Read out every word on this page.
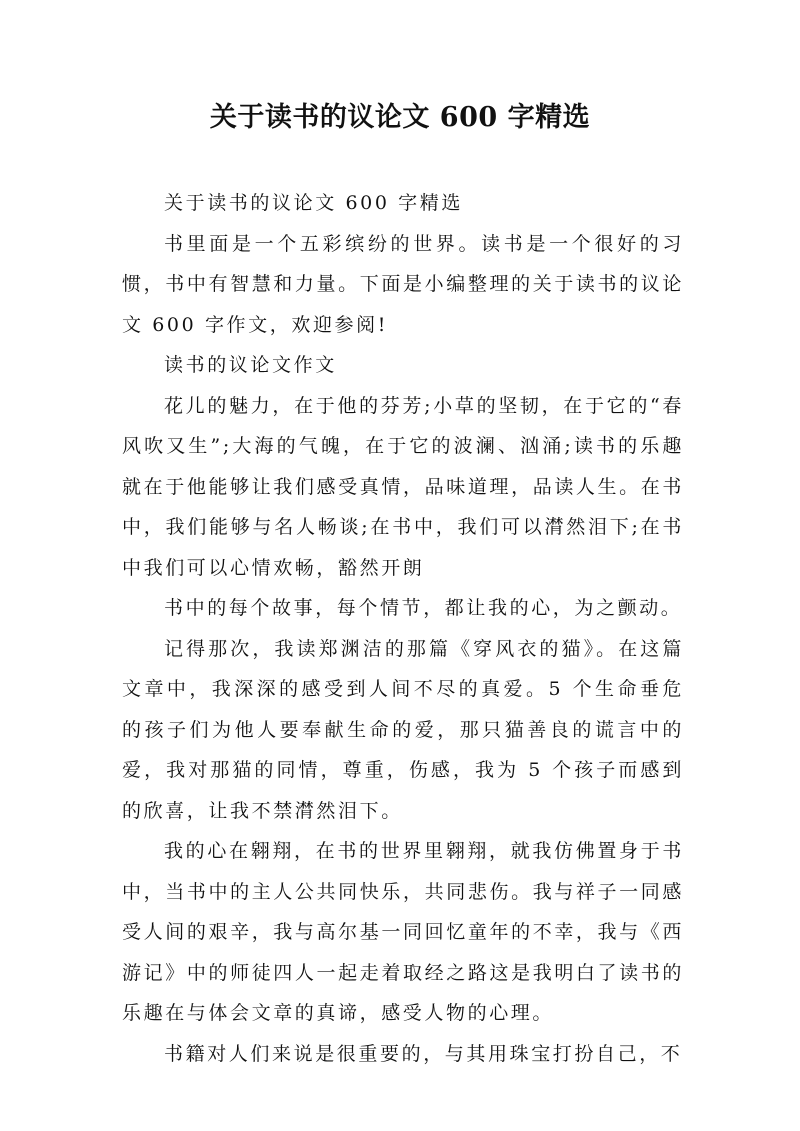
关于读书的议论文 600 字精选

关于读书的议论文 600 字精选

书里面是一个五彩缤纷的世界。读书是一个很好的习惯，书中有智慧和力量。下面是小编整理的关于读书的议论文 600 字作文，欢迎参阅!

读书的议论文作文

花儿的魅力，在于他的芬芳;小草的坚韧，在于它的“春风吹又生”;大海的气魄，在于它的波澜、汹涌;读书的乐趣就在于他能够让我们感受真情，品味道理，品读人生。在书中，我们能够与名人畅谈;在书中，我们可以潸然泪下;在书中我们可以心情欢畅，豁然开朗

书中的每个故事，每个情节，都让我的心，为之颤动。

记得那次，我读郑渊洁的那篇《穿风衣的猫》。在这篇文章中，我深深的感受到人间不尽的真爱。5 个生命垂危的孩子们为他人要奉献生命的爱，那只猫善良的谎言中的爱，我对那猫的同情，尊重，伤感，我为 5 个孩子而感到的欣喜，让我不禁潸然泪下。

我的心在翱翔，在书的世界里翱翔，就我仿佛置身于书中，当书中的主人公共同快乐，共同悲伤。我与祥子一同感受人间的艰辛，我与高尔基一同回忆童年的不幸，我与《西游记》中的师徒四人一起走着取经之路这是我明白了读书的乐趣在与体会文章的真谛，感受人物的心理。

书籍对人们来说是很重要的，与其用珠宝打扮自己，不
